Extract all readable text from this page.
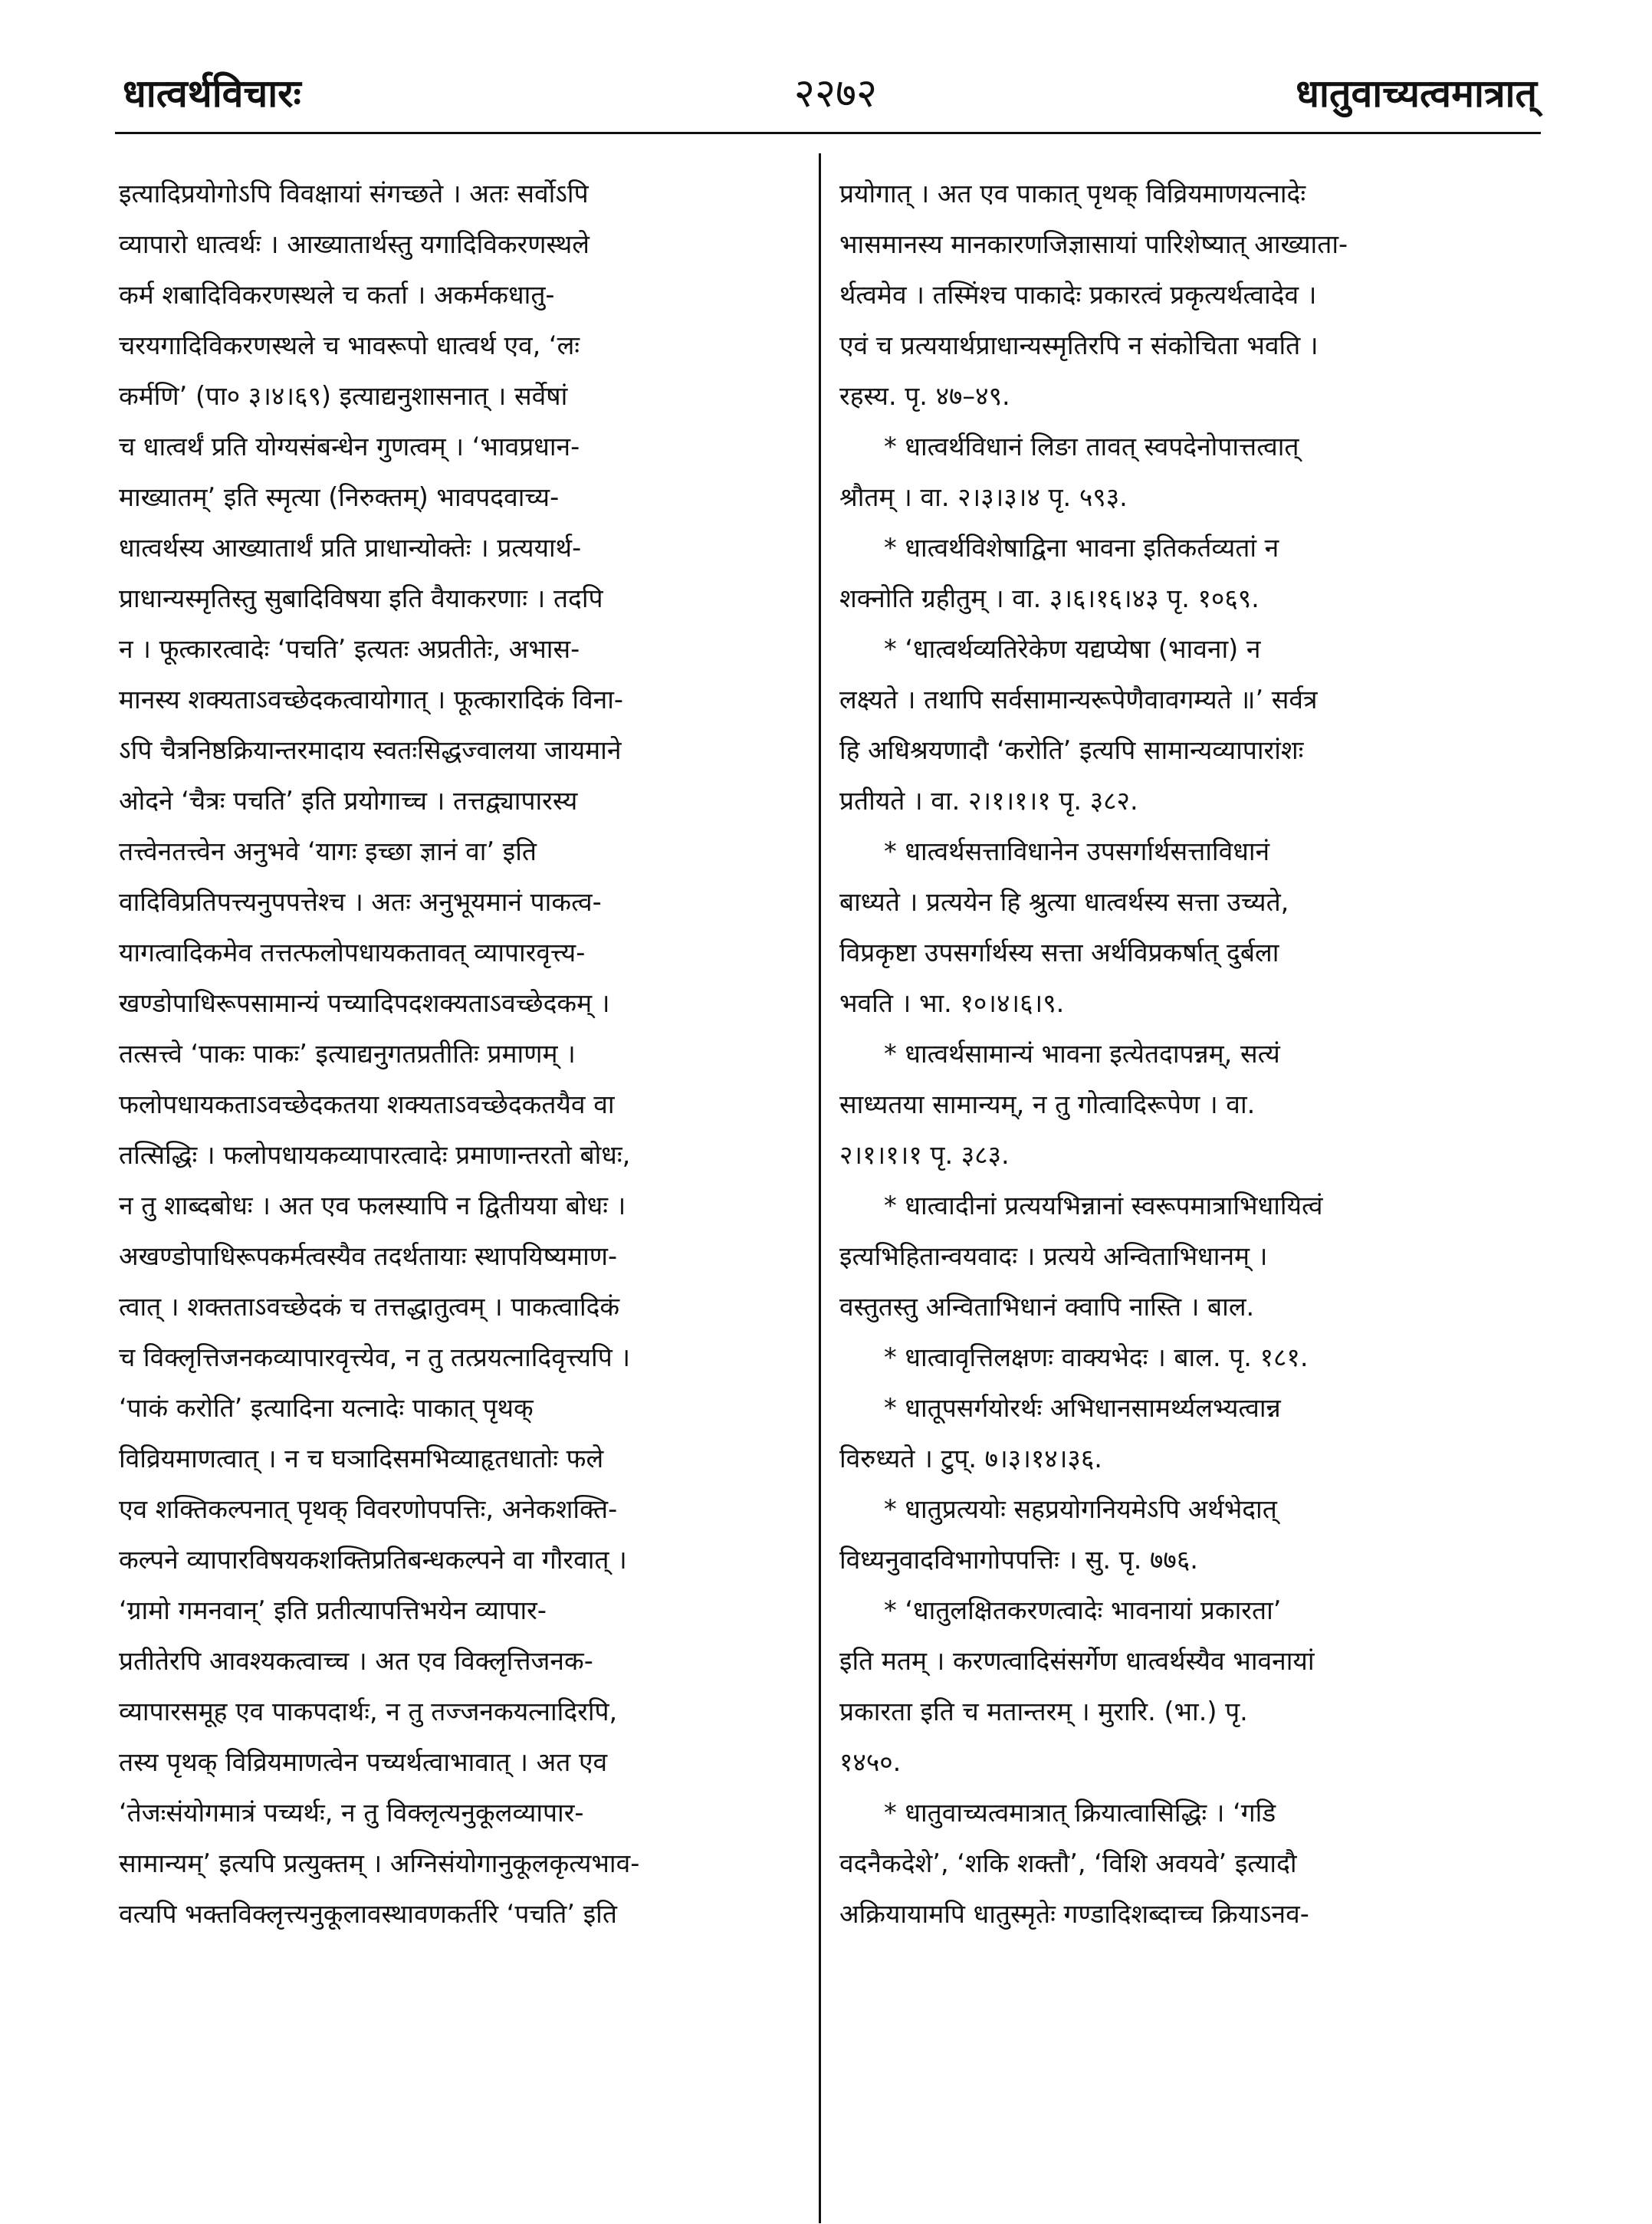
धात्वर्थविचारः	२२७२	धातुवाच्यत्वमात्रात्
इत्यादिप्रयोगोऽपि विवक्षायां संगच्छते । अतः सर्वोऽपि
व्यापारो धात्वर्थः । आख्यातार्थस्तु यगादिविकरणस्थले
कर्म शबादिविकरणस्थले च कर्ता । अकर्मकधातु-
चरयगादिविकरणस्थले च भावरूपो धात्वर्थ एव, ‘लः
कर्मणि’ (पा० ३।४।६९) इत्याद्यनुशासनात् । सर्वेषां
च धात्वर्थं प्रति योग्यसंबन्धेन गुणत्वम् । ‘भावप्रधान-
माख्यातम्’ इति स्मृत्या (निरुक्तम्) भावपदवाच्य-
धात्वर्थस्य आख्यातार्थं प्रति प्राधान्योक्तेः । प्रत्ययार्थ-
प्राधान्यस्मृतिस्तु सुबादिविषया इति वैयाकरणाः । तदपि
न । फूत्कारत्वादेः ‘पचति’ इत्यतः अप्रतीतेः, अभास-
मानस्य शक्यताऽवच्छेदकत्वायोगात् । फूत्कारादिकं विना-
ऽपि चैत्रनिष्ठक्रियान्तरमादाय स्वतःसिद्धज्वालया जायमाने
ओदने ‘चैत्रः पचति’ इति प्रयोगाच्च । तत्तद्व्यापारस्य
तत्त्वेनतत्त्वेन अनुभवे ‘यागः इच्छा ज्ञानं वा’ इति
वादिविप्रतिपत्त्यनुपपत्तेश्च । अतः अनुभूयमानं पाकत्व-
यागत्वादिकमेव तत्तत्फलोपधायकतावत् व्यापारवृत्त्य-
खण्डोपाधिरूपसामान्यं पच्यादिपदशक्यताऽवच्छेदकम् ।
तत्सत्त्वे ‘पाकः पाकः’ इत्याद्यनुगतप्रतीतिः प्रमाणम् ।
फलोपधायकताऽवच्छेदकतया शक्यताऽवच्छेदकतयैव वा
तत्सिद्धिः । फलोपधायकव्यापारत्वादेः प्रमाणान्तरतो बोधः,
न तु शाब्दबोधः । अत एव फलस्यापि न द्वितीयया बोधः ।
अखण्डोपाधिरूपकर्मत्वस्यैव तदर्थतायाः स्थापयिष्यमाण-
त्वात् । शक्तताऽवच्छेदकं च तत्तद्धातुत्वम् । पाकत्वादिकं
च विक्लृत्तिजनकव्यापारवृत्त्येव, न तु तत्प्रयत्नादिवृत्त्यपि ।
‘पाकं करोति’ इत्यादिना यत्नादेः पाकात् पृथक्
विव्रियमाणत्वात् । न च घञादिसमभिव्याहृतधातोः फले
एव शक्तिकल्पनात् पृथक् विवरणोपपत्तिः, अनेकशक्ति-
कल्पने व्यापारविषयकशक्तिप्रतिबन्धकल्पने वा गौरवात् ।
‘ग्रामो गमनवान्’ इति प्रतीत्यापत्तिभयेन व्यापार-
प्रतीतेरपि आवश्यकत्वाच्च । अत एव विक्लृत्तिजनक-
व्यापारसमूह एव पाकपदार्थः, न तु तज्जनकयत्नादिरपि,
तस्य पृथक् विव्रियमाणत्वेन पच्यर्थत्वाभावात् । अत एव
‘तेजःसंयोगमात्रं पच्यर्थः, न तु विक्लृत्यनुकूलव्यापार-
सामान्यम्’ इत्यपि प्रत्युक्तम् । अग्निसंयोगानुकूलकृत्यभाव-
वत्यपि भक्तविक्लृत्त्यनुकूलावस्थावणकर्तरि ‘पचति’ इति
प्रयोगात् । अत एव पाकात् पृथक् विव्रियमाणयत्नादेः
भासमानस्य मानकारणजिज्ञासायां पारिशेष्यात् आख्याता-
र्थत्वमेव । तस्मिंश्च पाकादेः प्रकारत्वं प्रकृत्यर्थत्वादेव ।
एवं च प्रत्ययार्थप्राधान्यस्मृतिरपि न संकोचिता भवति ।
रहस्य. पृ. ४७–४९.
* धात्वर्थविधानं लिङा तावत् स्वपदेनोपात्तत्वात्
श्रौतम् । वा. २।३।३।४ पृ. ५९३.
* धात्वर्थविशेषाद्विना भावना इतिकर्तव्यतां न
शक्नोति ग्रहीतुम् । वा. ३।६।१६।४३ पृ. १०६९.
* ‘धात्वर्थव्यतिरेकेण यद्यप्येषा (भावना) न
लक्ष्यते । तथापि सर्वसामान्यरूपेणैवावगम्यते ॥’ सर्वत्र
हि अधिश्रयणादौ ‘करोति’ इत्यपि सामान्यव्यापारांशः
प्रतीयते । वा. २।१।१।१ पृ. ३८२.
* धात्वर्थसत्ताविधानेन उपसर्गार्थसत्ताविधानं
बाध्यते । प्रत्ययेन हि श्रुत्या धात्वर्थस्य सत्ता उच्यते,
विप्रकृष्टा उपसर्गार्थस्य सत्ता अर्थविप्रकर्षात् दुर्बला
भवति । भा. १०।४।६।९.
* धात्वर्थसामान्यं भावना इत्येतदापन्नम्, सत्यं
साध्यतया सामान्यम्, न तु गोत्वादिरूपेण । वा.
२।१।१।१ पृ. ३८३.
* धात्वादीनां प्रत्ययभिन्नानां स्वरूपमात्राभिधायित्वं
इत्यभिहितान्वयवादः । प्रत्यये अन्विताभिधानम् ।
वस्तुतस्तु अन्विताभिधानं क्वापि नास्ति । बाल.
* धात्वावृत्तिलक्षणः वाक्यभेदः । बाल. पृ. १८१.
* धातूपसर्गयोरर्थः अभिधानसामर्थ्यलभ्यत्वान्न
विरुध्यते । टुप्. ७।३।१४।३६.
* धातुप्रत्ययोः सहप्रयोगनियमेऽपि अर्थभेदात्
विध्यनुवादविभागोपपत्तिः । सु. पृ. ७७६.
* ‘धातुलक्षितकरणत्वादेः भावनायां प्रकारता’
इति मतम् । करणत्वादिसंसर्गेण धात्वर्थस्यैव भावनायां
प्रकारता इति च मतान्तरम् । मुरारि. (भा.) पृ.
१४५०.
* धातुवाच्यत्वमात्रात् क्रियात्वासिद्धिः । ‘गडि
वदनैकदेशे’, ‘शकि शक्तौ’, ‘विशि अवयवे’ इत्यादौ
अक्रियायामपि धातुस्मृतेः गण्डादिशब्दाच्च क्रियाऽनव-
